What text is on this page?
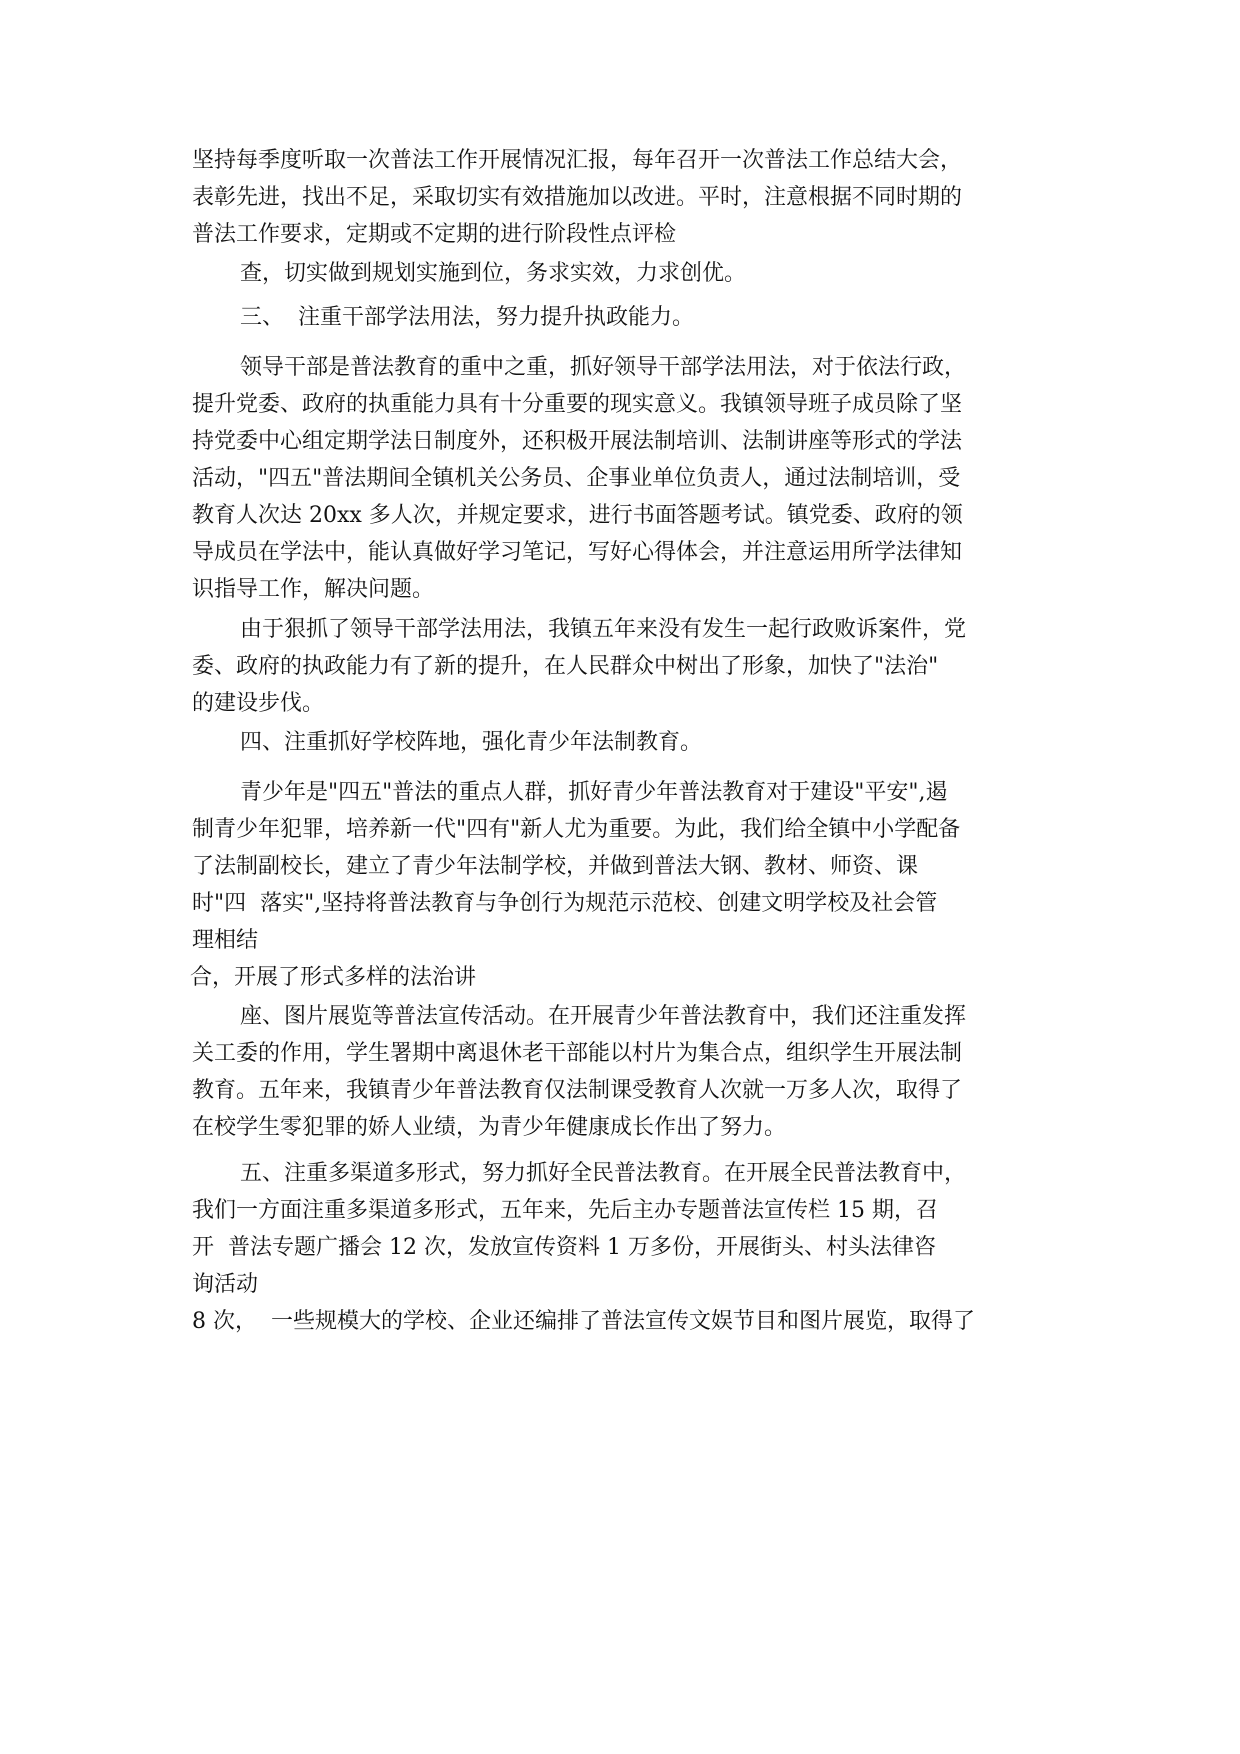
坚持每季度听取一次普法工作开展情况汇报，每年召开一次普法工作总结大会，
表彰先进，找出不足，采取切实有效措施加以改进。平时，注意根据不同时期的
普法工作要求，定期或不定期的进行阶段性点评检
查，切实做到规划实施到位，务求实效，力求创优。
三、  注重干部学法用法，努力提升执政能力。
领导干部是普法教育的重中之重，抓好领导干部学法用法，对于依法行政，
提升党委、政府的执重能力具有十分重要的现实意义。我镇领导班子成员除了坚
持党委中心组定期学法日制度外，还积极开展法制培训、法制讲座等形式的学法
活动，"四五"普法期间全镇机关公务员、企事业单位负责人，通过法制培训，受
教育人次达 20xx 多人次，并规定要求，进行书面答题考试。镇党委、政府的领
导成员在学法中，能认真做好学习笔记，写好心得体会，并注意运用所学法律知
识指导工作，解决问题。
由于狠抓了领导干部学法用法，我镇五年来没有发生一起行政败诉案件，党
委、政府的执政能力有了新的提升，在人民群众中树出了形象，加快了"法治"
的建设步伐。
四、注重抓好学校阵地，强化青少年法制教育。
青少年是"四五"普法的重点人群，抓好青少年普法教育对于建设"平安",遏
制青少年犯罪，培养新一代"四有"新人尤为重要。为此，我们给全镇中小学配备
了法制副校长，建立了青少年法制学校，并做到普法大钢、教材、师资、课
时"四  落实",坚持将普法教育与争创行为规范示范校、创建文明学校及社会管
理相结
合，开展了形式多样的法治讲
座、图片展览等普法宣传活动。在开展青少年普法教育中，我们还注重发挥
关工委的作用，学生署期中离退休老干部能以村片为集合点，组织学生开展法制
教育。五年来，我镇青少年普法教育仅法制课受教育人次就一万多人次，取得了
在校学生零犯罪的娇人业绩，为青少年健康成长作出了努力。
五、注重多渠道多形式，努力抓好全民普法教育。在开展全民普法教育中，
我们一方面注重多渠道多形式，五年来，先后主办专题普法宣传栏 15 期，召
开  普法专题广播会 12 次，发放宣传资料 1 万多份，开展街头、村头法律咨
询活动
8 次，  一些规模大的学校、企业还编排了普法宣传文娱节目和图片展览，取得了
